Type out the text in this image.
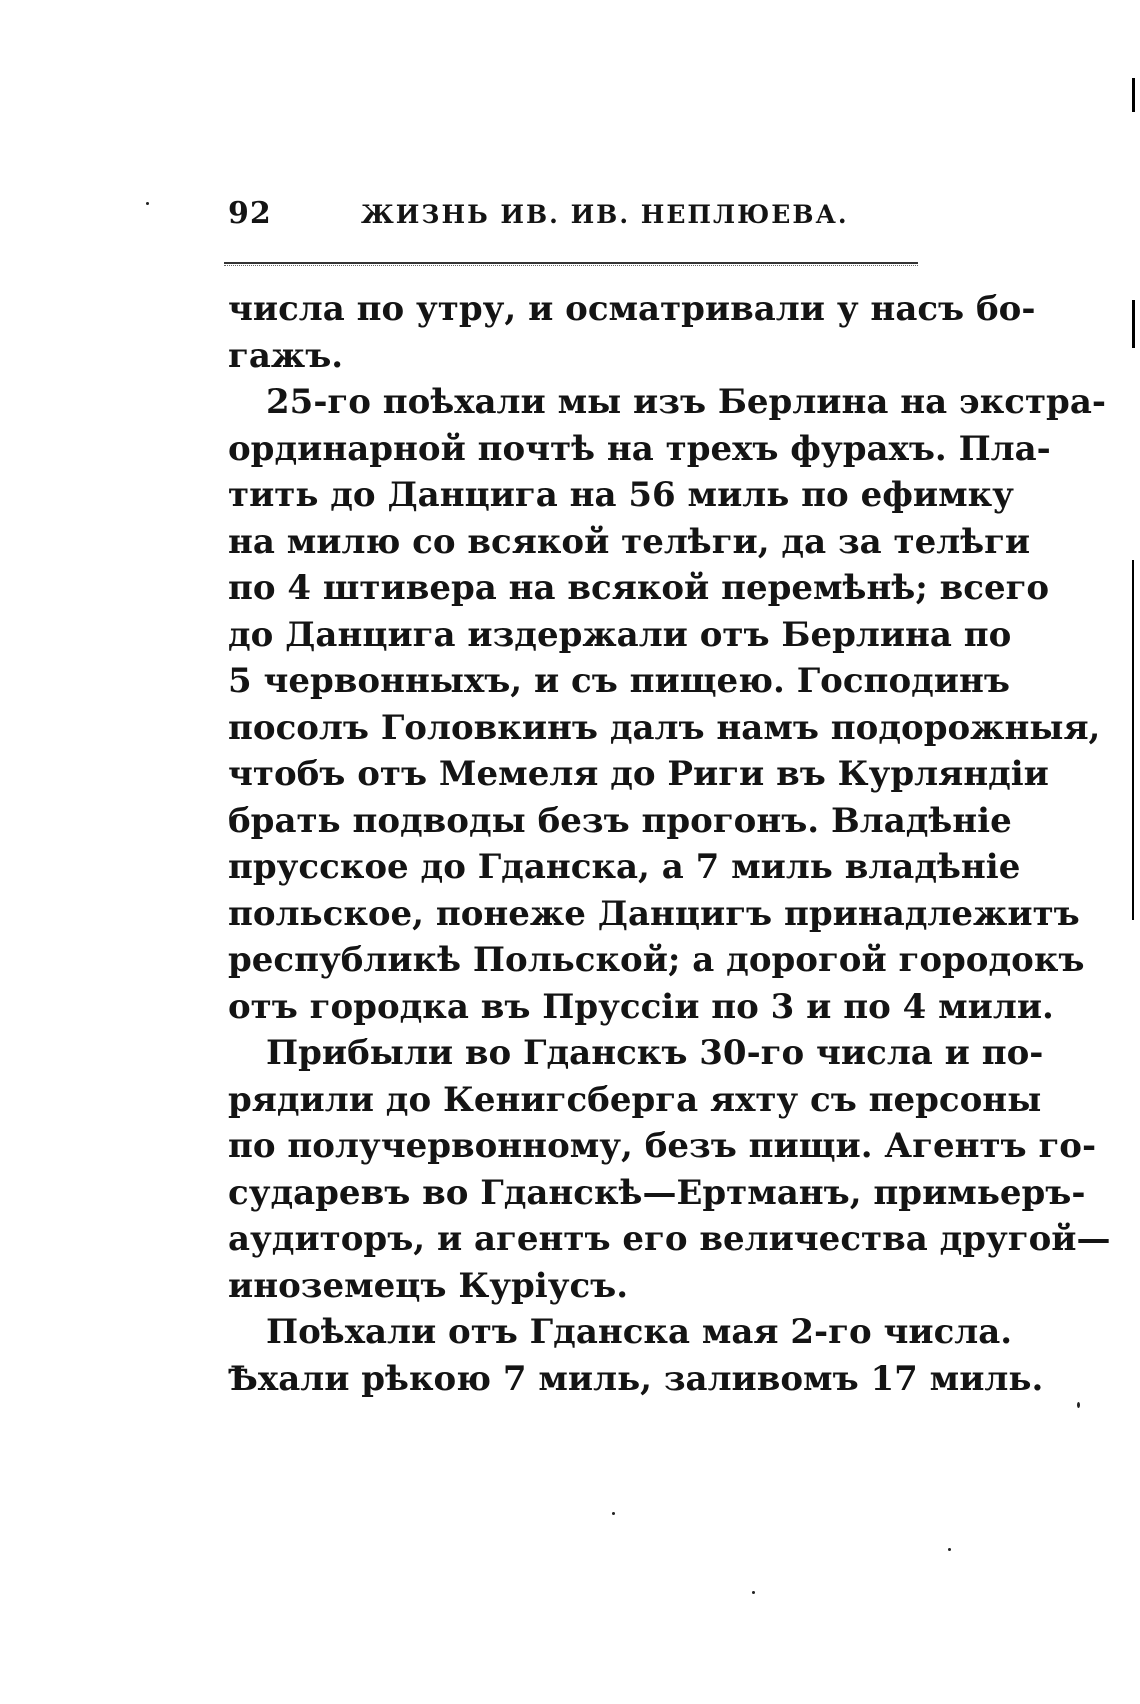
92	ЖИЗНЬ ИВ. ИВ. НЕПЛЮЕВА.
числа по утру, и осматривали у насъ бо-
гажъ.
25-го поѣхали мы изъ Берлина на экстра-
ординарной почтѣ на трехъ фурахъ. Пла-
тить до Данцига на 56 миль по ефимку
на милю со всякой телѣги, да за телѣги
по 4 штивера на всякой перемѣнѣ; всего
до Данцига издержали отъ Берлина по
5 червонныхъ, и съ пищею. Господинъ
посолъ Головкинъ далъ намъ подорожныя,
чтобъ отъ Мемеля до Риги въ Курляндіи
брать подводы безъ прогонъ. Владѣніе
прусское до Гданска, а 7 миль владѣніе
польское, понеже Данцигъ принадлежитъ
республикѣ Польской; а дорогой городокъ
отъ городка въ Пруссіи по 3 и по 4 мили.
Прибыли во Гданскъ 30-го числа и по-
рядили до Кенигсберга яхту съ персоны
по получервонному, безъ пищи. Агентъ го-
сударевъ во Гданскѣ—Ертманъ, примьеръ-
аудиторъ, и агентъ его величества другой—
иноземецъ Куріусъ.
Поѣхали отъ Гданска мая 2-го числа.
Ѣхали рѣкою 7 миль, заливомъ 17 миль.
